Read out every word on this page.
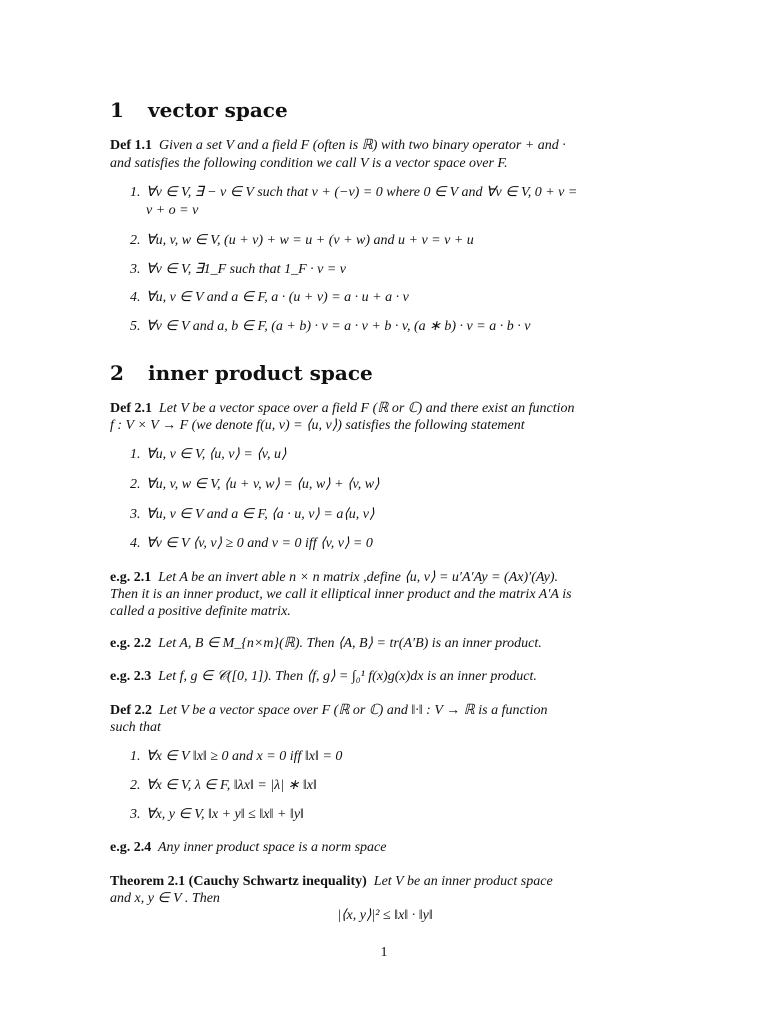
1 vector space
Def 1.1 Given a set V and a field F (often is ℝ) with two binary operator + and ·
and satisfies the following condition we call V is a vector space over F.
1. ∀v ∈ V, ∃ − v ∈ V such that v + (−v) = 0 where 0 ∈ V and ∀v ∈ V, 0 + v =
v + o = v
2. ∀u, v, w ∈ V, (u + v) + w = u + (v + w) and u + v = v + u
3. ∀v ∈ V, ∃1_F such that 1_F · v = v
4. ∀u, v ∈ V and a ∈ F, a · (u + v) = a · u + a · v
5. ∀v ∈ V and a, b ∈ F, (a + b) · v = a · v + b · v, (a ∗ b) · v = a · b · v
2 inner product space
Def 2.1 Let V be a vector space over a field F (ℝ or ℂ) and there exist an function
f : V × V → F (we denote f(u, v) = ⟨u, v⟩) satisfies the following statement
1. ∀u, v ∈ V, ⟨u, v⟩ = ⟨v, u⟩
2. ∀u, v, w ∈ V, ⟨u + v, w⟩ = ⟨u, w⟩ + ⟨v, w⟩
3. ∀u, v ∈ V and a ∈ F, ⟨a · u, v⟩ = a⟨u, v⟩
4. ∀v ∈ V ⟨v, v⟩ ≥ 0 and v = 0 iff ⟨v, v⟩ = 0
e.g. 2.1 Let A be an invert able n × n matrix ,define ⟨u, v⟩ = u′A′Ay = (Ax)′(Ay).
Then it is an inner product, we call it elliptical inner product and the matrix A′A is
called a positive definite matrix.
e.g. 2.2 Let A, B ∈ M_{n×m}(ℝ). Then ⟨A, B⟩ = tr(A′B) is an inner product.
e.g. 2.3 Let f, g ∈ 𝒞([0, 1]). Then ⟨f, g⟩ = ∫₀¹ f(x)g(x)dx is an inner product.
Def 2.2 Let V be a vector space over F (ℝ or ℂ) and ‖·‖ : V → ℝ is a function
such that
1. ∀x ∈ V ‖x‖ ≥ 0 and x = 0 iff ‖x‖ = 0
2. ∀x ∈ V, λ ∈ F, ‖λx‖ = |λ| ∗ ‖x‖
3. ∀x, y ∈ V, ‖x + y‖ ≤ ‖x‖ + ‖y‖
e.g. 2.4 Any inner product space is a norm space
Theorem 2.1 (Cauchy Schwartz inequality) Let V be an inner product space
and x, y ∈ V . Then
|⟨x, y⟩|² ≤ ‖x‖ · ‖y‖
1
